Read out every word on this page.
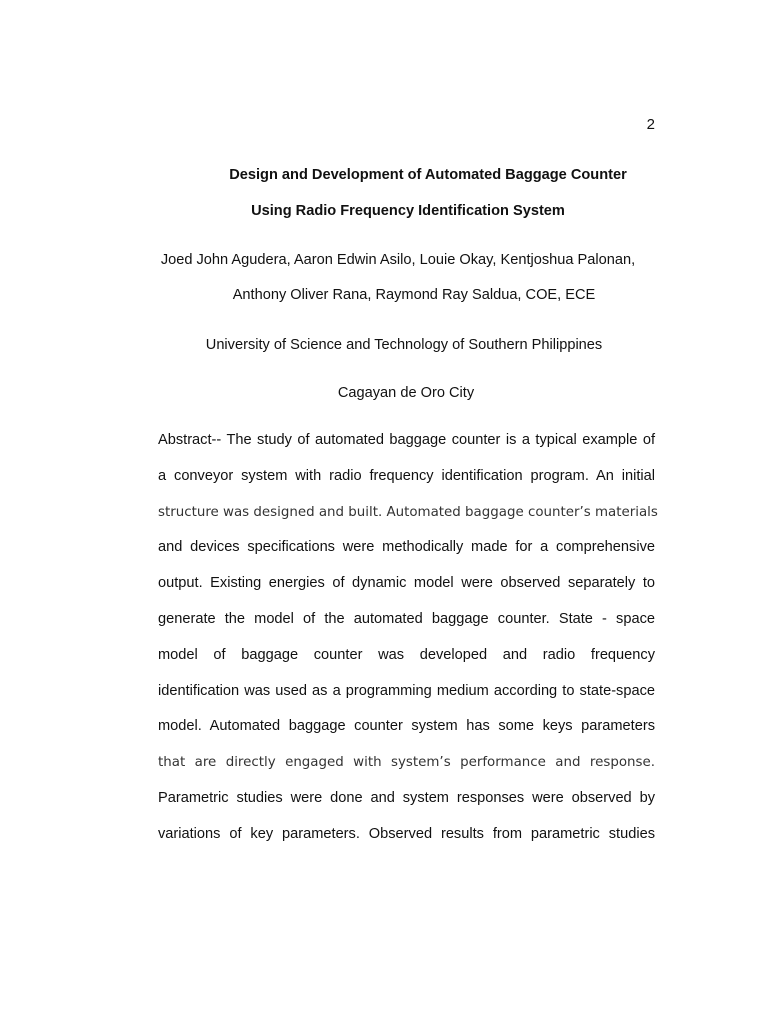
2
Design and Development of Automated Baggage Counter
Using Radio Frequency Identification System
Joed John Agudera, Aaron Edwin Asilo, Louie Okay, Kentjoshua Palonan,
Anthony Oliver Rana, Raymond Ray Saldua, COE, ECE
University of Science and Technology of Southern Philippines
Cagayan de Oro City
Abstract-- The study of automated baggage counter is a typical example of
a conveyor system with radio frequency identification program. An initial
structure was designed and built. Automated baggage counter’s materials
and devices specifications were methodically made for a comprehensive
output. Existing energies of dynamic model were observed separately to
generate the model of the automated baggage counter. State - space
model of baggage counter was developed and radio frequency
identification was used as a programming medium according to state-space
model. Automated baggage counter system has some keys parameters
that are directly engaged with system’s performance and response.
Parametric studies were done and system responses were observed by
variations of key parameters. Observed results from parametric studies
